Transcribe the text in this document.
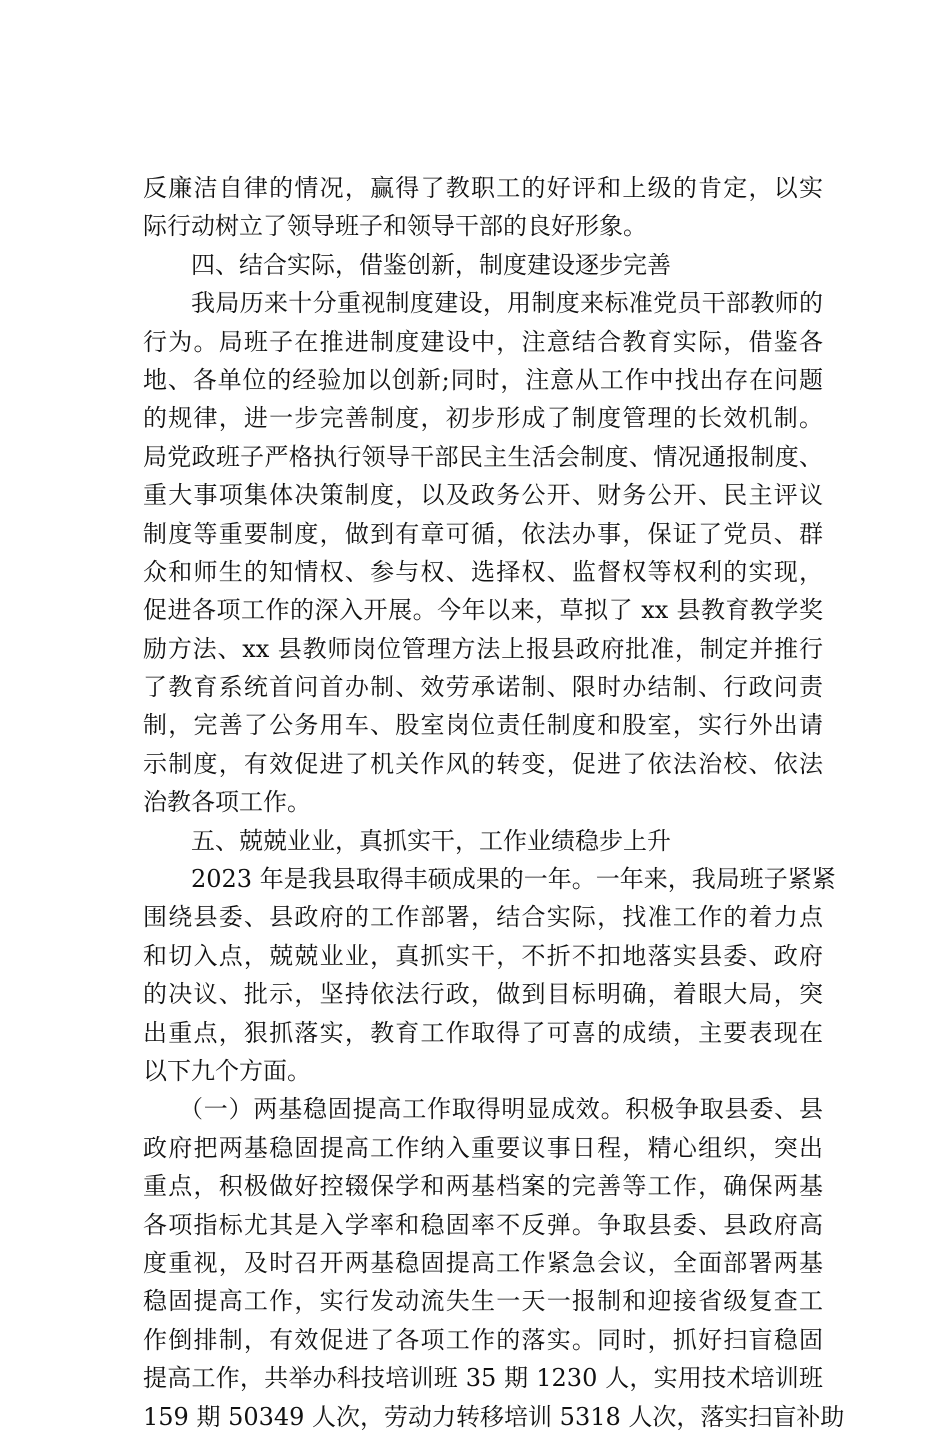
反廉洁自律的情况，赢得了教职工的好评和上级的肯定，以实
际行动树立了领导班子和领导干部的良好形象。
四、结合实际，借鉴创新，制度建设逐步完善
我局历来十分重视制度建设，用制度来标准党员干部教师的
行为。局班子在推进制度建设中，注意结合教育实际，借鉴各
地、各单位的经验加以创新;同时，注意从工作中找出存在问题
的规律，进一步完善制度，初步形成了制度管理的长效机制。
局党政班子严格执行领导干部民主生活会制度、情况通报制度、
重大事项集体决策制度，以及政务公开、财务公开、民主评议
制度等重要制度，做到有章可循，依法办事，保证了党员、群
众和师生的知情权、参与权、选择权、监督权等权利的实现，
促进各项工作的深入开展。今年以来，草拟了 xx 县教育教学奖
励方法、xx 县教师岗位管理方法上报县政府批准，制定并推行
了教育系统首问首办制、效劳承诺制、限时办结制、行政问责
制，完善了公务用车、股室岗位责任制度和股室，实行外出请
示制度，有效促进了机关作风的转变，促进了依法治校、依法
治教各项工作。
五、兢兢业业，真抓实干，工作业绩稳步上升
2023 年是我县取得丰硕成果的一年。一年来，我局班子紧紧
围绕县委、县政府的工作部署，结合实际，找准工作的着力点
和切入点，兢兢业业，真抓实干，不折不扣地落实县委、政府
的决议、批示，坚持依法行政，做到目标明确，着眼大局，突
出重点，狠抓落实，教育工作取得了可喜的成绩，主要表现在
以下九个方面。
（一）两基稳固提高工作取得明显成效。积极争取县委、县
政府把两基稳固提高工作纳入重要议事日程，精心组织，突出
重点，积极做好控辍保学和两基档案的完善等工作，确保两基
各项指标尤其是入学率和稳固率不反弹。争取县委、县政府高
度重视，及时召开两基稳固提高工作紧急会议，全面部署两基
稳固提高工作，实行发动流失生一天一报制和迎接省级复查工
作倒排制，有效促进了各项工作的落实。同时，抓好扫盲稳固
提高工作，共举办科技培训班 35 期 1230 人，实用技术培训班
159 期 50349 人次，劳动力转移培训 5318 人次，落实扫盲补助
